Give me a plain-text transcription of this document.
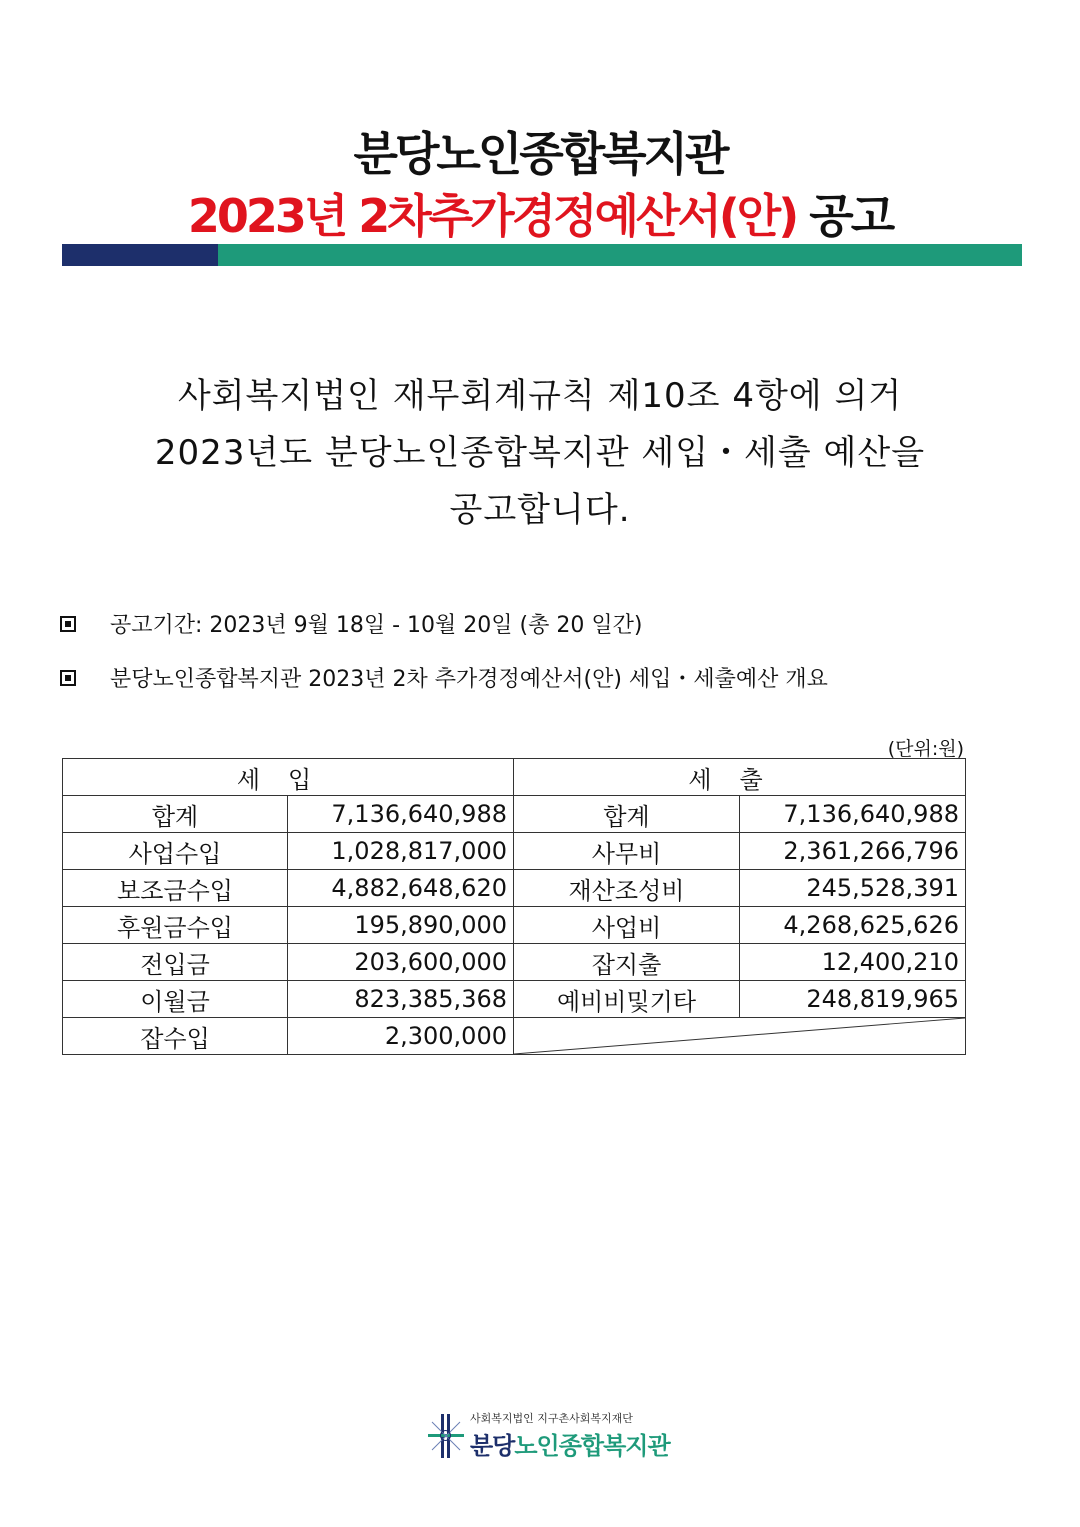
분당노인종합복지관
2023년 2차추가경정예산서(안) 공고
사회복지법인 재무회계규칙 제10조 4항에 의거
2023년도 분당노인종합복지관 세입・세출 예산을
공고합니다.
공고기간: 2023년 9월 18일 - 10월 20일 (총 20 일간)
분당노인종합복지관 2023년 2차 추가경정예산서(안) 세입・세출예산 개요
(단위:원)
세입		세출	
합계	7,136,640,988	합계	7,136,640,988
사업수입	1,028,817,000	사무비	2,361,266,796
보조금수입	4,882,648,620	재산조성비	245,528,391
후원금수입	195,890,000	사업비	4,268,625,626
전입금	203,600,000	잡지출	12,400,210
이월금	823,385,368	예비비및기타	248,819,965
잡수입	2,300,000	
사회복지법인 지구촌사회복지재단
분당노인종합복지관
